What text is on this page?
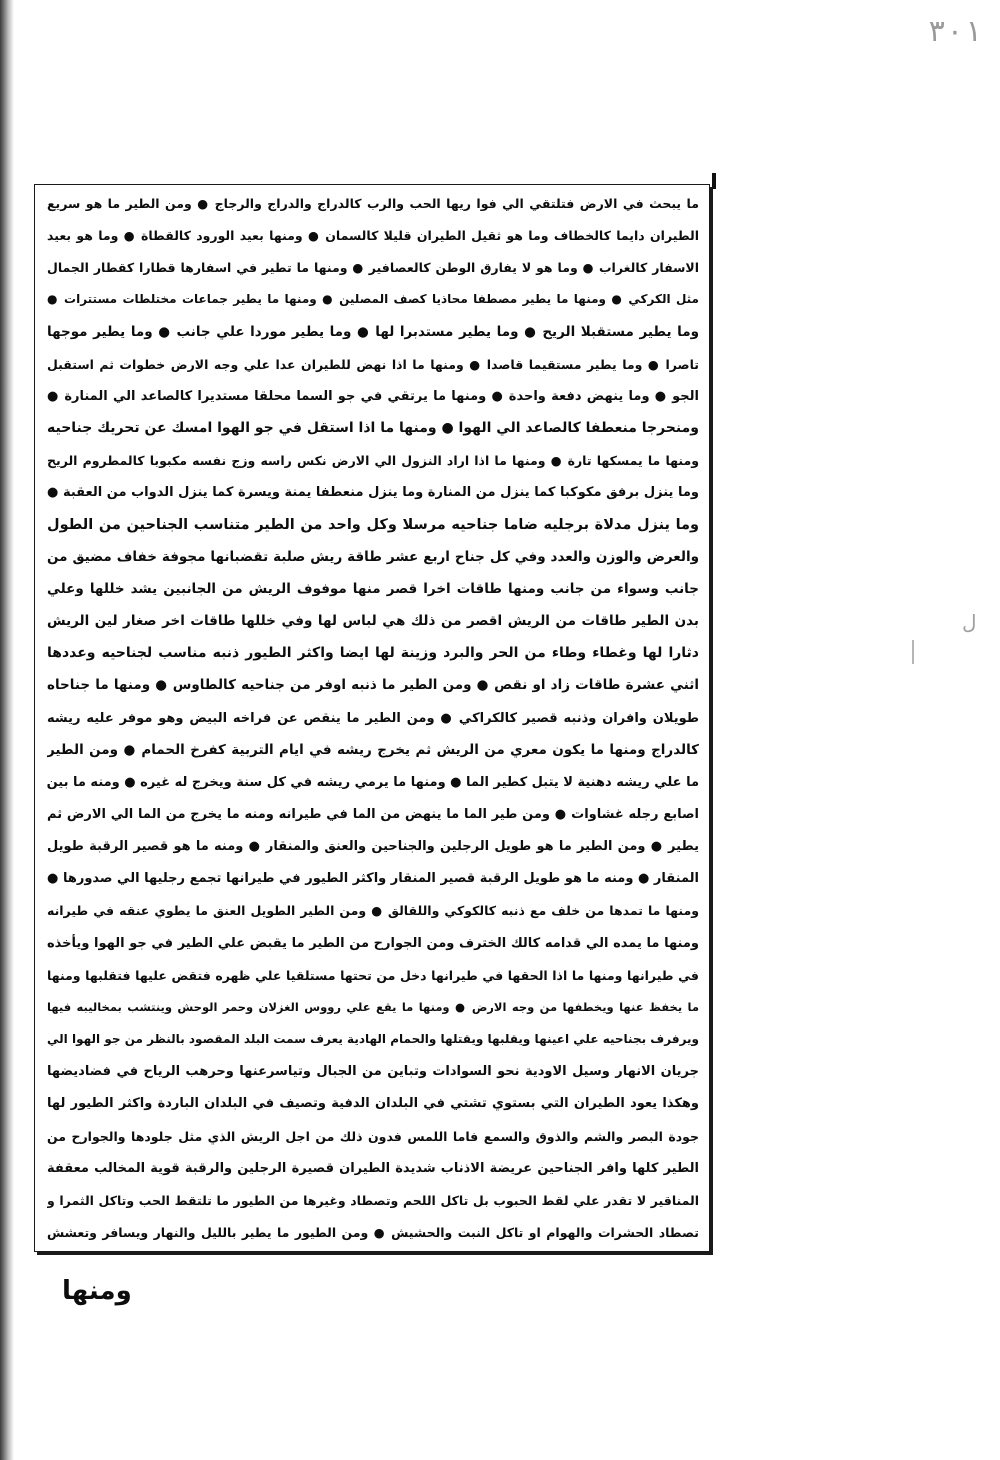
٣٠١
ما يبحث في الارض فتلتقي الي فوا ريها الحب والرب كالدراج والدراج والرجاج ● ومن الطير ما هو سريع
الطيران دايما كالخطاف وما هو ثقيل الطيران قليلا كالسمان ● ومنها بعيد الورود كالقطاة ● وما هو بعيد
الاسفار كالغراب ● وما هو لا يفارق الوطن كالعصافير ● ومنها ما تطير في اسفارها قطارا كقطار الجمال
مثل الكركي ● ومنها ما يطير مصطفا محاذيا كصف المصلين ● ومنها ما يطير جماعات مختلطات مستترات ●
وما يطير مستقبلا الريح ● وما يطير مستدبرا لها ● وما يطير موردا علي جانب ● وما يطير موجها
تاصرا ● وما يطير مستقيما قاصدا ● ومنها ما اذا نهض للطيران عدا علي وجه الارض خطوات ثم استقبل
الجو ● وما ينهض دفعة واحدة ● ومنها ما يرتقي في جو السما محلقا مستديرا كالصاعد الي المنارة ●
ومنحرجا منعطفا كالصاعد الي الهوا ● ومنها ما اذا استقل في جو الهوا امسك عن تحريك جناحيه
ومنها ما يمسكها تارة ● ومنها ما اذا اراد النزول الي الارض نكس راسه وزج نفسه مكبوبا كالمطروم الريح
وما ينزل برفق مكوكبا كما ينزل من المنارة وما ينزل منعطفا يمنة ويسرة كما ينزل الدواب من العقبة ●
وما ينزل مدلاة برجليه ضاما جناحيه مرسلا وكل واحد من الطير متناسب الجناحين من الطول
والعرض والوزن والعدد وفي كل جناح اربع عشر طاقة ريش صلبة تقضبانها مجوفة خفاف مضيق من
جانب وسواء من جانب ومنها طاقات اخرا قصر منها موفوف الريش من الجانبين يشد خللها وعلي
بدن الطير طاقات من الريش اقصر من ذلك هي لباس لها وفي خللها طاقات اخر صغار لين الريش
دثارا لها وغطاء وطاء من الحر والبرد وزينة لها ايضا واكثر الطيور ذنبه مناسب لجناحيه وعددها
اثني عشرة طاقات زاد او نقص ● ومن الطير ما ذنبه اوفر من جناحيه كالطاوس ● ومنها ما جناحاه
طويلان وافران وذنبه قصير كالكراكي ● ومن الطير ما ينقص عن فراخه البيض وهو موفر عليه ريشه
كالدراج ومنها ما يكون معري من الريش ثم يخرج ريشه في ايام التربية كفرخ الحمام ● ومن الطير
ما علي ريشه دهنية لا يتبل كطير الما ● ومنها ما يرمي ريشه في كل سنة ويخرج له غيره ● ومنه ما بين
اصابع رجله غشاوات ● ومن طير الما ما ينهض من الما في طيرانه ومنه ما يخرج من الما الي الارض ثم
يطير ● ومن الطير ما هو طويل الرجلين والجناحين والعنق والمنقار ● ومنه ما هو قصير الرقبة طويل
المنقار ● ومنه ما هو طويل الرقبة قصير المنقار واكثر الطيور في طيرانها تجمع رجليها الي صدورها ●
ومنها ما تمدها من خلف مع ذنبه كالكوكي واللقالق ● ومن الطير الطويل العنق ما يطوي عنقه في طيرانه
ومنها ما يمده الي قدامه كالك الخترف ومن الجوارح من الطير ما يقبض علي الطير في جو الهوا ويأخذه
في طيرانها ومنها ما اذا الحقها في طيرانها دخل من تحتها مستلقيا علي ظهره فتقض عليها فتقلبها ومنها
ما يخفظ عنها ويخطفها من وجه الارض ● ومنها ما يقع علي رووس الغزلان وحمر الوحش وينتشب بمخاليبه فيها
ويرفرف بجناحيه علي اعينها ويقلبها ويقتلها والحمام الهادية يعرف سمت البلد المقصود بالنظر من جو الهوا الي
جريان الانهار وسيل الاودية نحو السوادات وتباين من الجبال وتياسرعنها وحرهب الرياح في فضاديضها
وهكذا يعود الطيران التي بستوي تشتي في البلدان الدفية وتصيف في البلدان الباردة واكثر الطيور لها
جودة البصر والشم والذوق والسمع فاما اللمس فدون ذلك من اجل الريش الذي مثل جلودها والجوارح من
الطير كلها وافر الجناحين عريضة الاذناب شديدة الطيران قصيرة الرجلين والرقبة قوية المخالب معقفة
المناقير لا تقدر علي لقط الحبوب بل تاكل اللحم وتصطاد وغيرها من الطيور ما تلتقط الحب وتاكل الثمرا و
تصطاد الحشرات والهوام او تاكل النبت والحشيش ● ومن الطيور ما يطير بالليل والنهار ويسافر وتعشش
ل
ومنها
